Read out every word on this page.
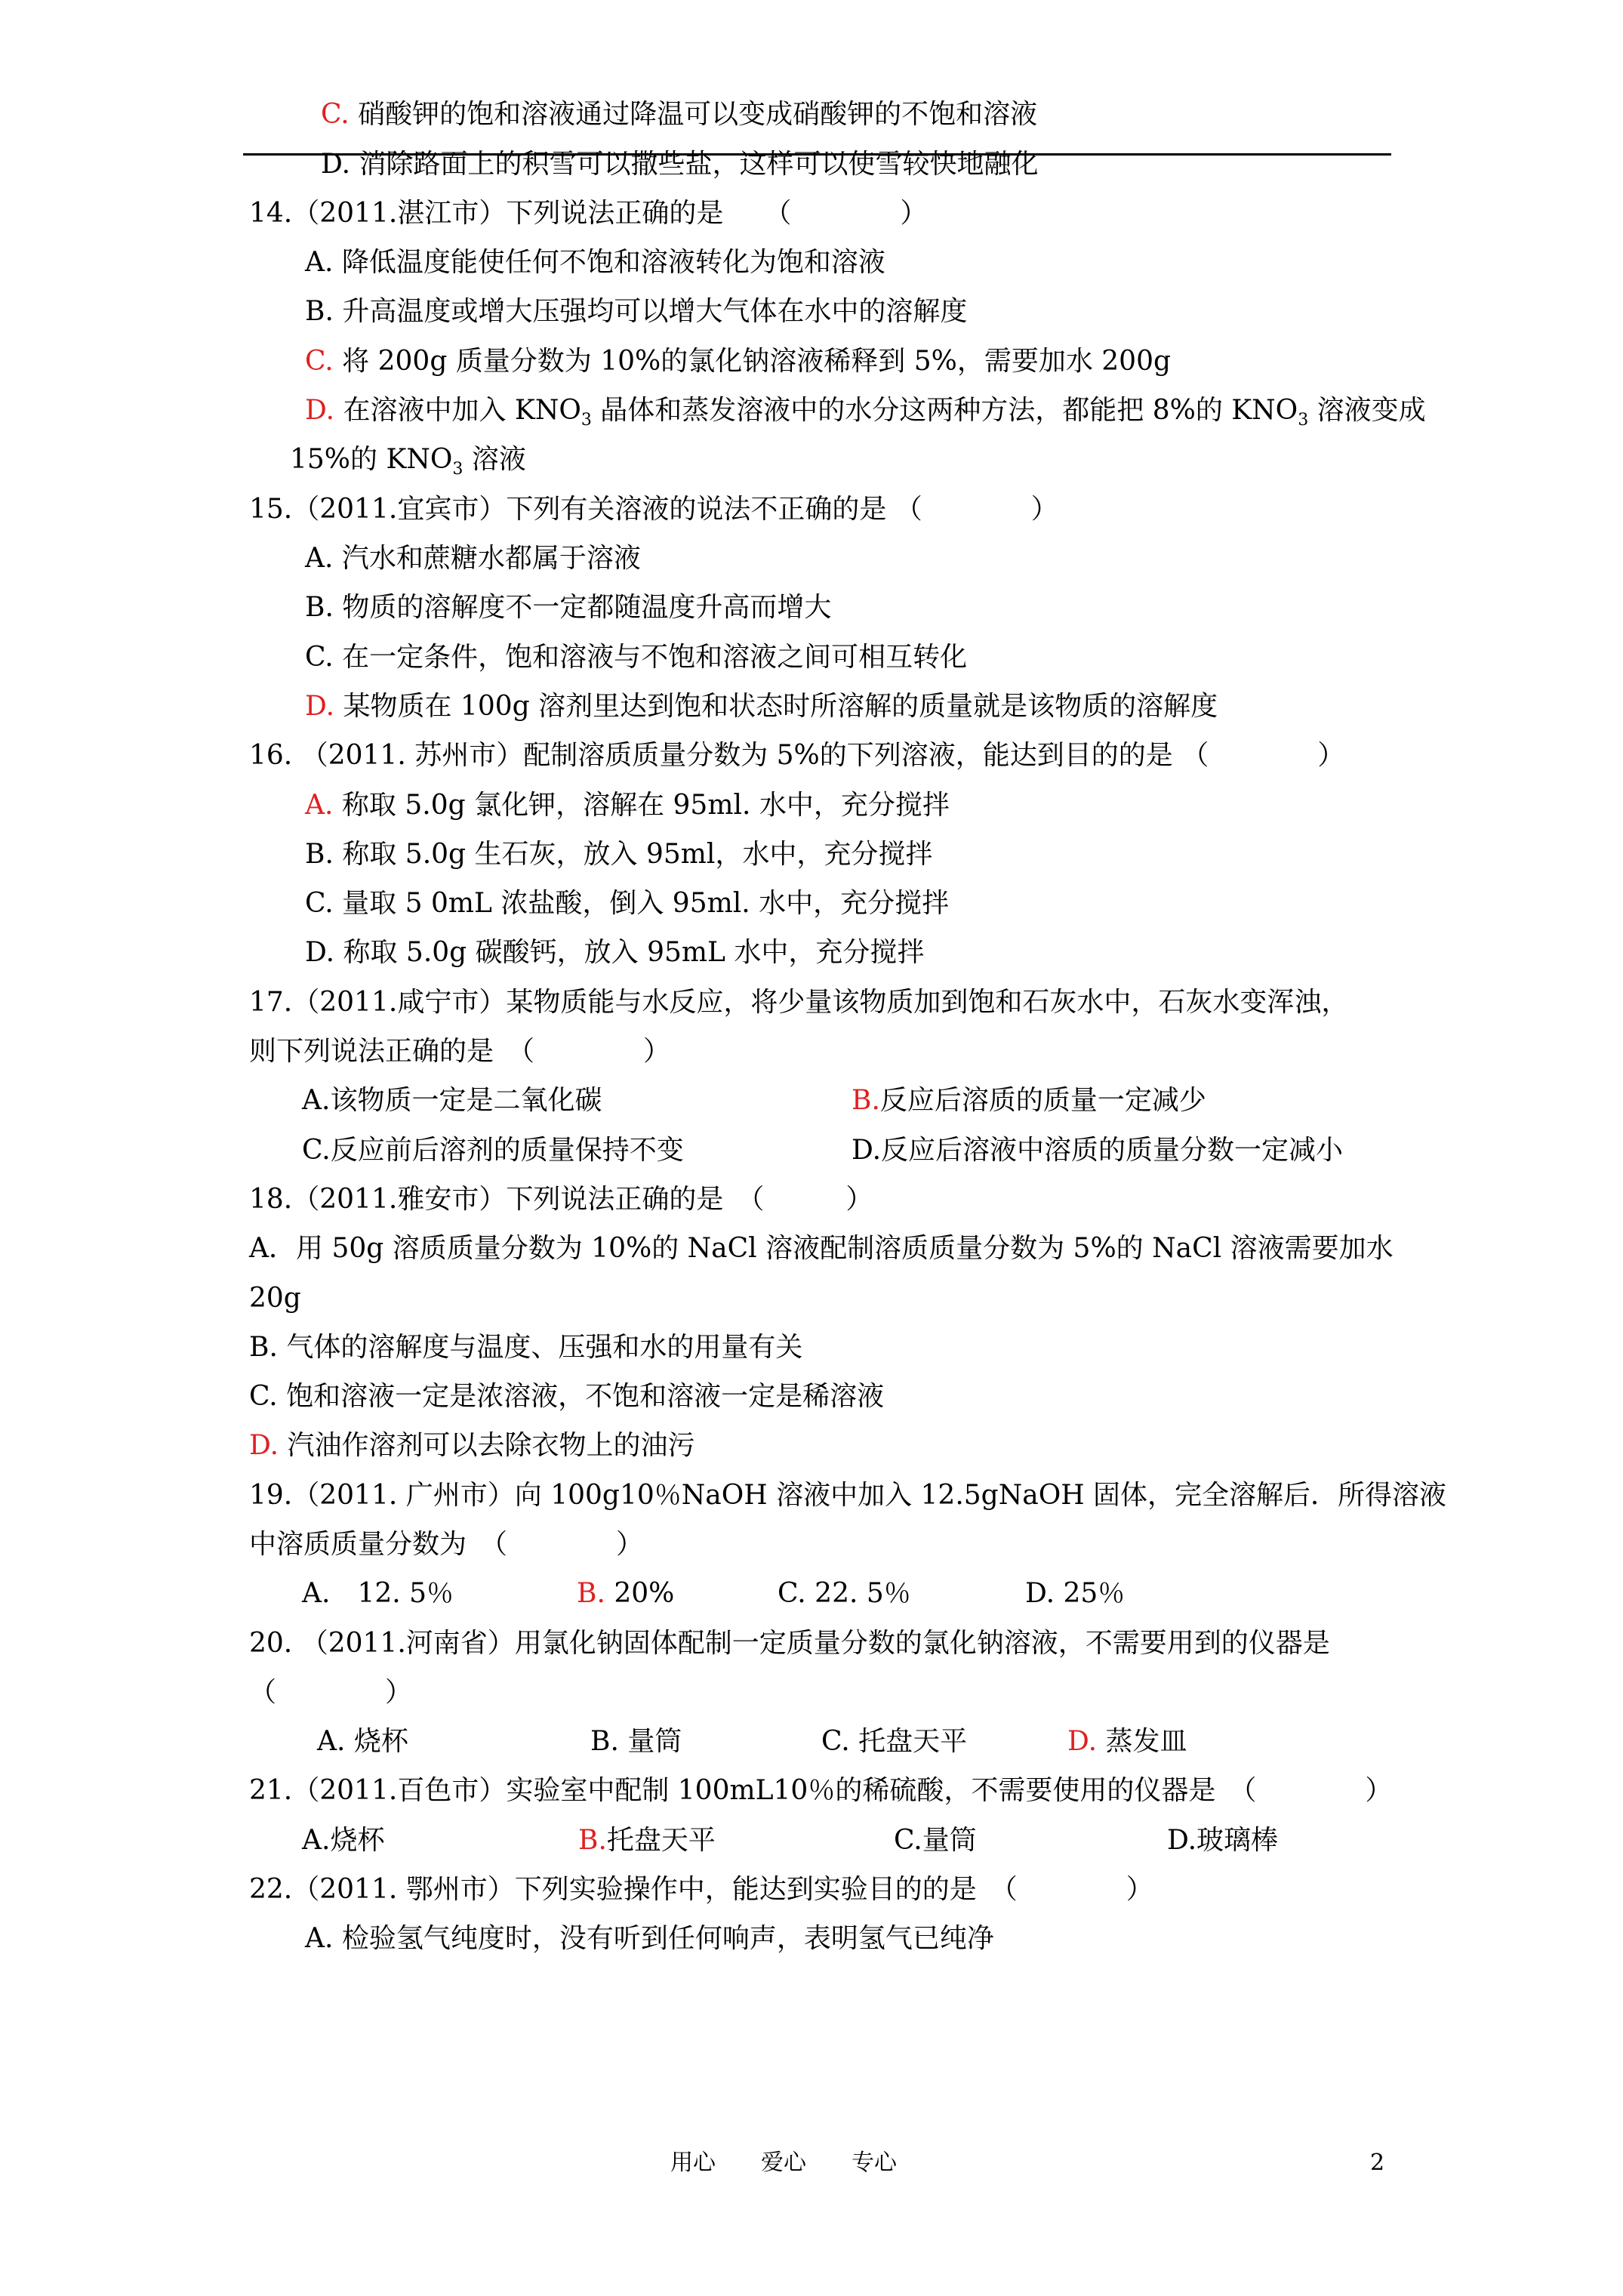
C. 硝酸钾的饱和溶液通过降温可以变成硝酸钾的不饱和溶液
D. 消除路面上的积雪可以撒些盐，这样可以使雪较快地融化
14.（2011.湛江市）下列说法正确的是　　（　　　　）
A. 降低温度能使任何不饱和溶液转化为饱和溶液
B. 升高温度或增大压强均可以增大气体在水中的溶解度
C. 将 200g 质量分数为 10%的氯化钠溶液稀释到 5%，需要加水 200g
D. 在溶液中加入 $KNO_3$ 晶体和蒸发溶液中的水分这两种方法，都能把 8%的 $KNO_3$ 溶液变成
15%的 $KNO_3$ 溶液
15.（2011.宜宾市）下列有关溶液的说法不正确的是 （　　　　）
A. 汽水和蔗糖水都属于溶液
B. 物质的溶解度不一定都随温度升高而增大
C. 在一定条件，饱和溶液与不饱和溶液之间可相互转化
D. 某物质在 100g 溶剂里达到饱和状态时所溶解的质量就是该物质的溶解度
16. （2011. 苏州市）配制溶质质量分数为 5%的下列溶液，能达到目的的是 （　　　　）
A. 称取 5.0g 氯化钾，溶解在 95ml. 水中，充分搅拌
B. 称取 5.0g 生石灰，放入 95ml，水中，充分搅拌
C. 量取 5 0mL 浓盐酸，倒入 95ml. 水中，充分搅拌
D. 称取 5.0g 碳酸钙，放入 95mL 水中，充分搅拌
17.（2011.咸宁市）某物质能与水反应，将少量该物质加到饱和石灰水中，石灰水变浑浊，
则下列说法正确的是　（　　　　）
A.该物质一定是二氧化碳	B.反应后溶质的质量一定减少
C.反应前后溶剂的质量保持不变	D.反应后溶液中溶质的质量分数一定减小
18.（2011.雅安市）下列说法正确的是　（　　　）
A．用 50g 溶质质量分数为 10%的 NaCl 溶液配制溶质质量分数为 5%的 NaCl 溶液需要加水
20g
B. 气体的溶解度与温度、压强和水的用量有关
C. 饱和溶液一定是浓溶液，不饱和溶液一定是稀溶液
D. 汽油作溶剂可以去除衣物上的油污
19.（2011. 广州市）向 100g10％NaOH 溶液中加入 12.5gNaOH 固体，完全溶解后．所得溶液
中溶质质量分数为　（　　　　）
A.　12. 5％	B. 20%	C. 22. 5％	D. 25％
20. （2011.河南省）用氯化钠固体配制一定质量分数的氯化钠溶液，不需要用到的仪器是
（　　　　）
A. 烧杯	B. 量筒	C. 托盘天平	D. 蒸发皿
21.（2011.百色市）实验室中配制 100mL10％的稀硫酸，不需要使用的仪器是　（　　　　）
A.烧杯	B.托盘天平	C.量筒	D.玻璃棒
22.（2011. 鄂州市）下列实验操作中，能达到实验目的的是　（　　　　）
A. 检验氢气纯度时，没有听到任何响声，表明氢气已纯净
用心　　爱心　　专心	2
